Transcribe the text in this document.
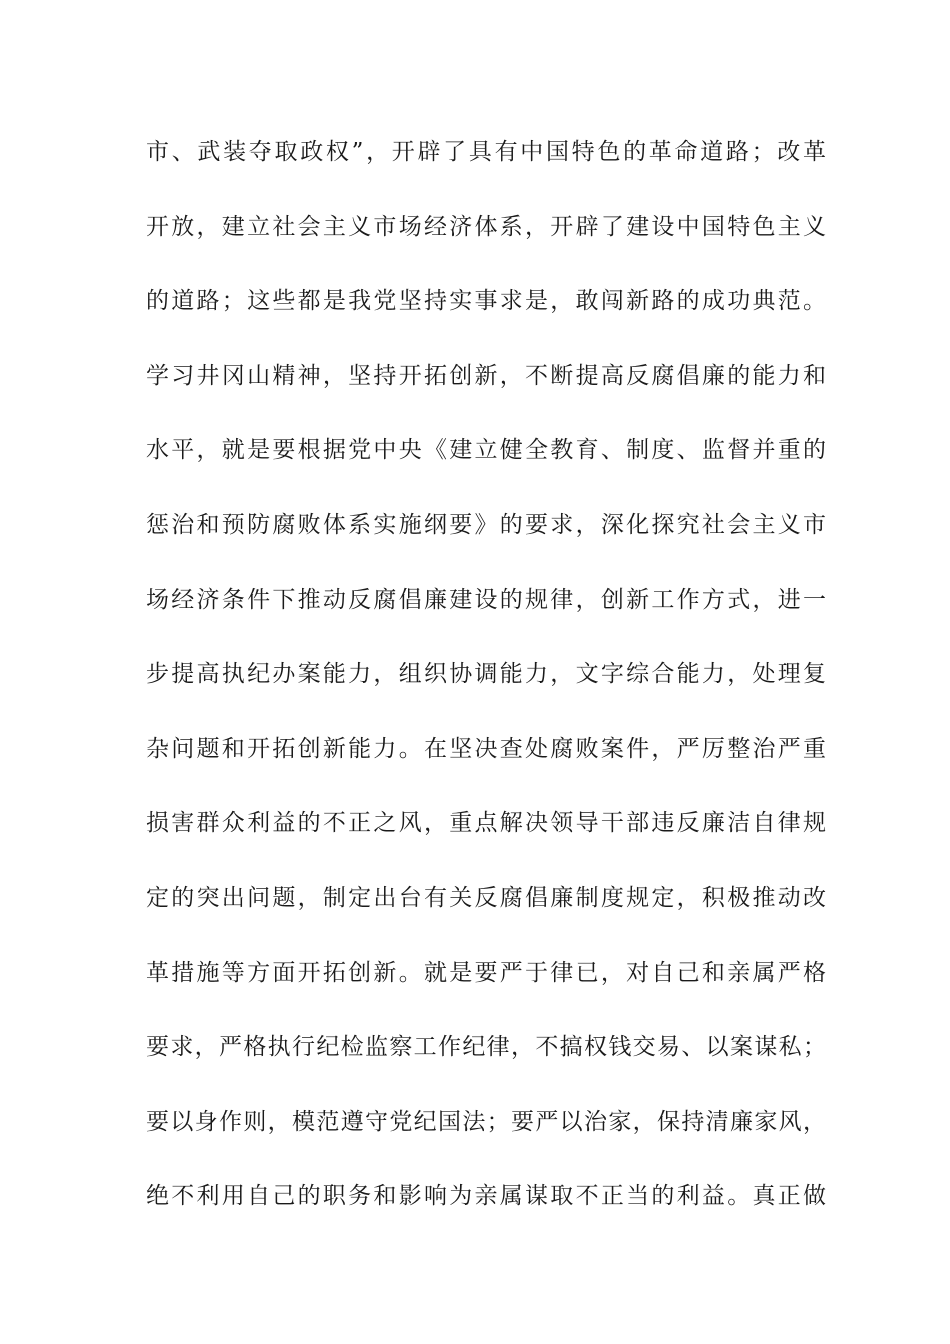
市、武装夺取政权”，开辟了具有中国特色的革命道路；改革
开放，建立社会主义市场经济体系，开辟了建设中国特色主义
的道路；这些都是我党坚持实事求是，敢闯新路的成功典范。
学习井冈山精神，坚持开拓创新，不断提高反腐倡廉的能力和
水平，就是要根据党中央《建立健全教育、制度、监督并重的
惩治和预防腐败体系实施纲要》的要求，深化探究社会主义市
场经济条件下推动反腐倡廉建设的规律，创新工作方式，进一
步提高执纪办案能力，组织协调能力，文字综合能力，处理复
杂问题和开拓创新能力。在坚决查处腐败案件，严厉整治严重
损害群众利益的不正之风，重点解决领导干部违反廉洁自律规
定的突出问题，制定出台有关反腐倡廉制度规定，积极推动改
革措施等方面开拓创新。就是要严于律已，对自己和亲属严格
要求，严格执行纪检监察工作纪律，不搞权钱交易、以案谋私；
要以身作则，模范遵守党纪国法；要严以治家，保持清廉家风，
绝不利用自己的职务和影响为亲属谋取不正当的利益。真正做
